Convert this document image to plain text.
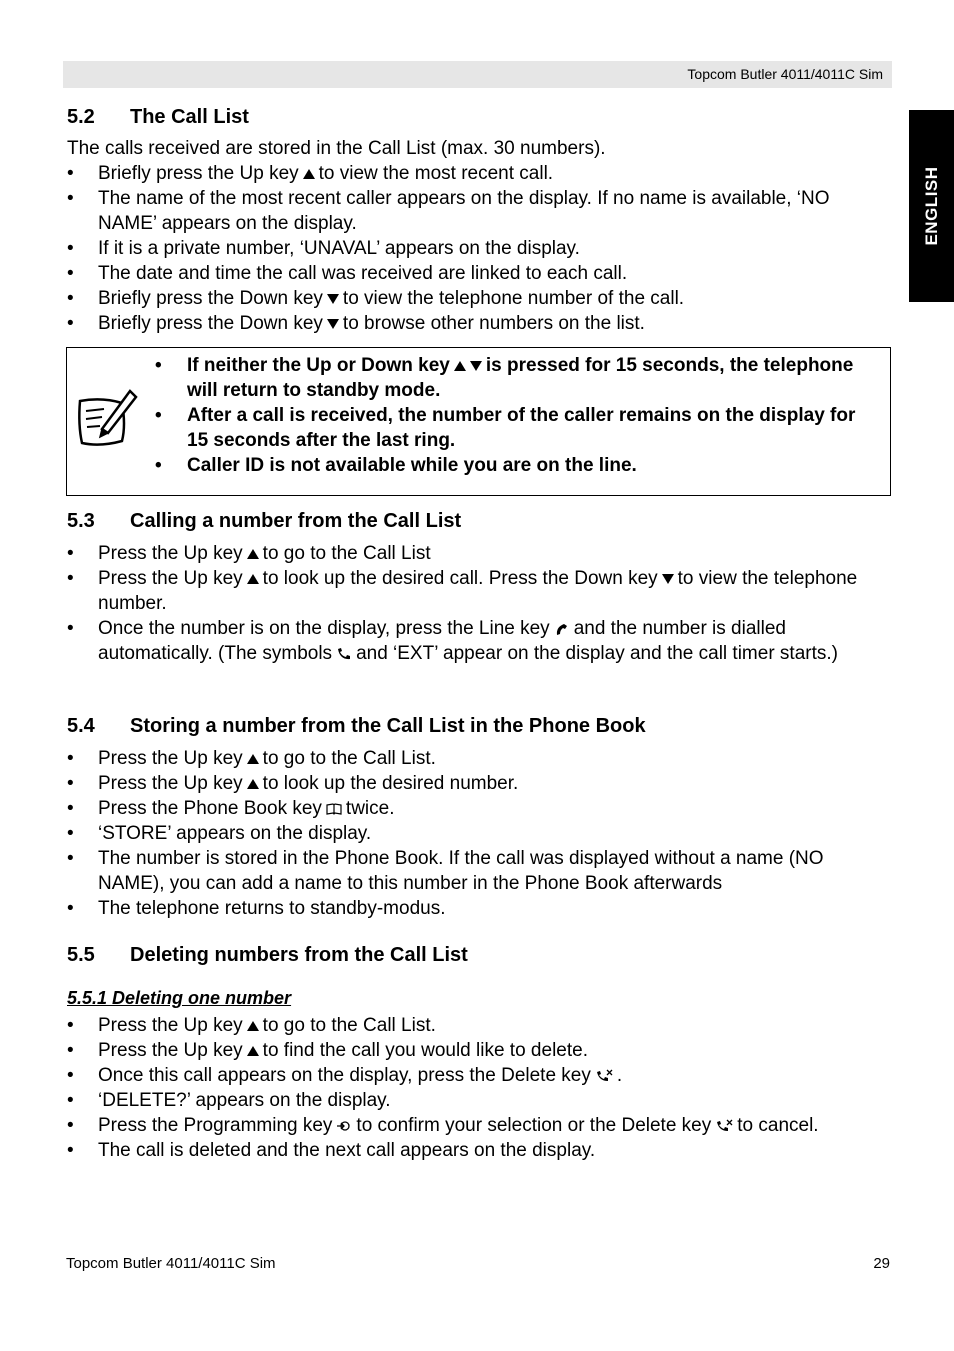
Topcom Butler 4011/4011C Sim
ENGLISH
5.2 The Call List
The calls received are stored in the Call List (max. 30 numbers).
• Briefly press the Up key to view the most recent call.
• The name of the most recent caller appears on the display. If no name is available, ‘NO NAME’ appears on the display.
• If it is a private number, ‘UNAVAL’ appears on the display.
• The date and time the call was received are linked to each call.
• Briefly press the Down key to view the telephone number of the call.
• Briefly press the Down key to browse other numbers on the list.
• If neither the Up or Down key is pressed for 15 seconds, the telephone will return to standby mode.
• After a call is received, the number of the caller remains on the display for 15 seconds after the last ring.
• Caller ID is not available while you are on the line.
5.3 Calling a number from the Call List
• Press the Up key to go to the Call List
• Press the Up key to look up the desired call. Press the Down key to view the telephone number.
• Once the number is on the display, press the Line key and the number is dialled automatically. (The symbols and ‘EXT’ appear on the display and the call timer starts.)
5.4 Storing a number from the Call List in the Phone Book
• Press the Up key to go to the Call List.
• Press the Up key to look up the desired number.
• Press the Phone Book key twice.
• ‘STORE’ appears on the display.
• The number is stored in the Phone Book. If the call was displayed without a name (NO NAME), you can add a name to this number in the Phone Book afterwards
• The telephone returns to standby-modus.
5.5 Deleting numbers from the Call List
5.5.1 Deleting one number
• Press the Up key to go to the Call List.
• Press the Up key to find the call you would like to delete.
• Once this call appears on the display, press the Delete key .
• ‘DELETE?’ appears on the display.
• Press the Programming key to confirm your selection or the Delete key to cancel.
• The call is deleted and the next call appears on the display.
Topcom Butler 4011/4011C Sim	29
